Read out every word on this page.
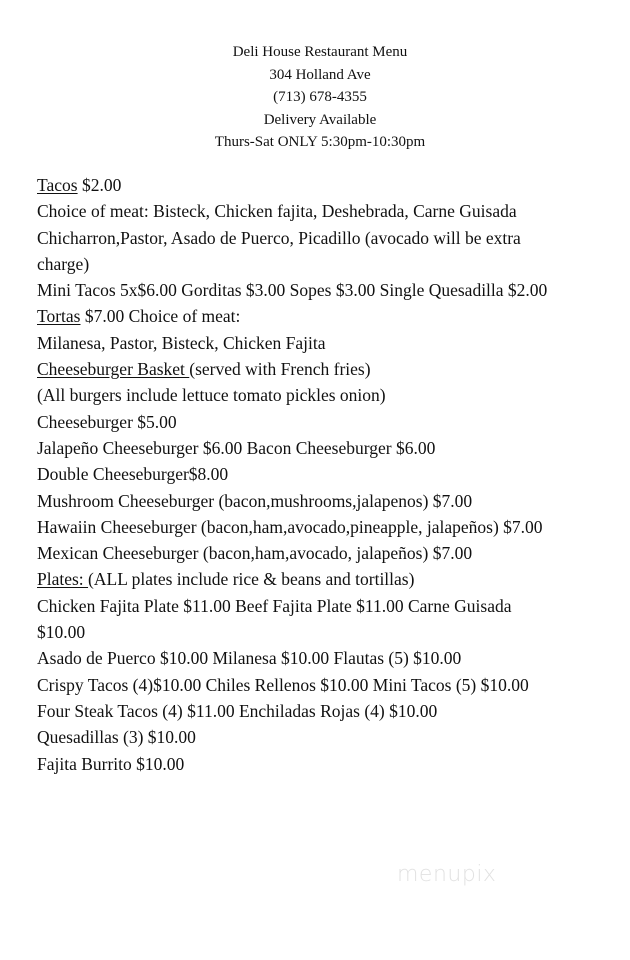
Deli House Restaurant Menu
304 Holland Ave
(713) 678-4355
Delivery Available
Thurs-Sat ONLY 5:30pm-10:30pm
Tacos $2.00
Choice of meat: Bisteck, Chicken fajita, Deshebrada, Carne Guisada
Chicharron,Pastor, Asado de Puerco, Picadillo (avocado will be extra
charge)
Mini Tacos 5x$6.00 Gorditas $3.00 Sopes $3.00 Single Quesadilla $2.00
Tortas $7.00 Choice of meat:
Milanesa, Pastor, Bisteck, Chicken Fajita
Cheeseburger Basket (served with French fries)
(All burgers include lettuce tomato pickles onion)
Cheeseburger $5.00
Jalapeño Cheeseburger $6.00 Bacon Cheeseburger $6.00
Double Cheeseburger$8.00
Mushroom Cheeseburger (bacon,mushrooms,jalapenos) $7.00
Hawaiin Cheeseburger (bacon,ham,avocado,pineapple, jalapeños) $7.00
Mexican Cheeseburger (bacon,ham,avocado, jalapeños) $7.00
Plates: (ALL plates include rice & beans and tortillas)
Chicken Fajita Plate $11.00 Beef Fajita Plate $11.00 Carne Guisada
$10.00
Asado de Puerco $10.00 Milanesa $10.00 Flautas (5) $10.00
Crispy Tacos (4)$10.00 Chiles Rellenos $10.00 Mini Tacos (5) $10.00
Four Steak Tacos (4) $11.00 Enchiladas Rojas (4) $10.00
Quesadillas (3) $10.00
Fajita Burrito $10.00
menupix
